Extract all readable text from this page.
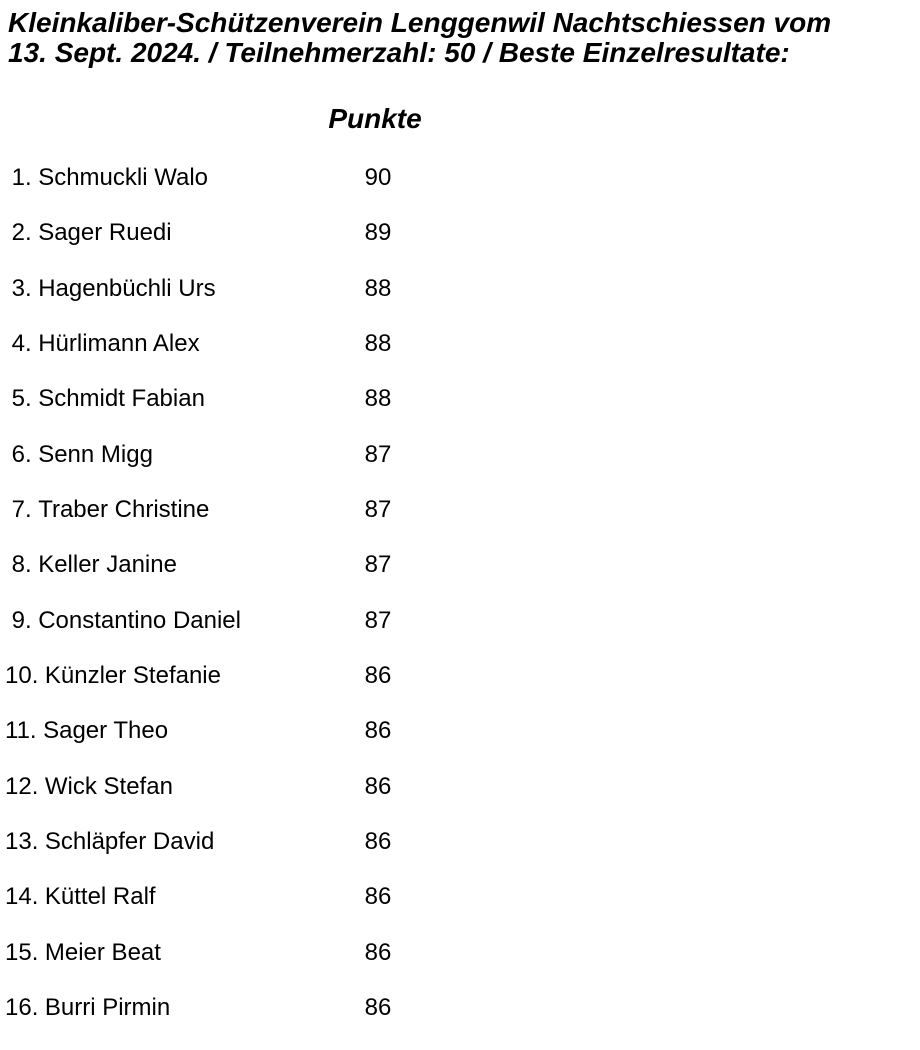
Kleinkaliber-Schützenverein Lenggenwil Nachtschiessen vom
13. Sept. 2024. / Teilnehmerzahl: 50 / Beste Einzelresultate:
Punkte
1. Schmuckli Walo	90
2. Sager Ruedi	89
3. Hagenbüchli Urs	88
4. Hürlimann Alex	88
5. Schmidt Fabian	88
6. Senn Migg	87
7. Traber Christine	87
8. Keller Janine	87
9. Constantino Daniel	87
10. Künzler Stefanie	86
11. Sager Theo	86
12. Wick Stefan	86
13. Schläpfer David	86
14. Küttel Ralf	86
15. Meier Beat	86
16. Burri Pirmin	86
